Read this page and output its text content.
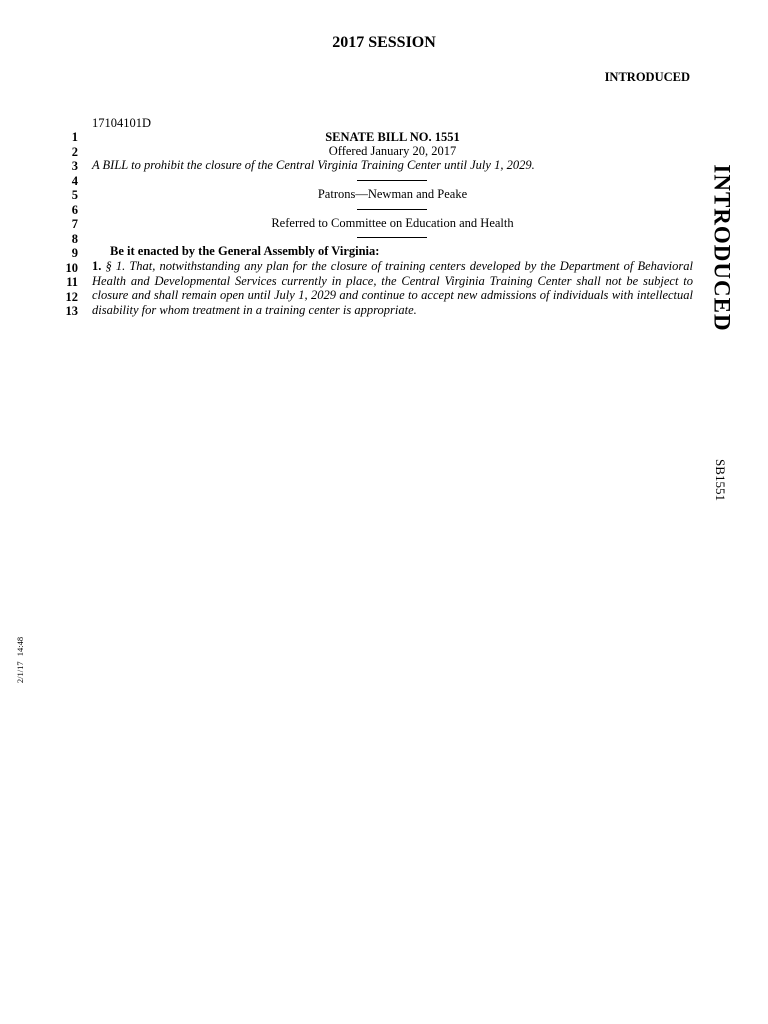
2017 SESSION
INTRODUCED
17104101D
1
2
3
4
5
6
7
8
9
10
11
12
13
SENATE BILL NO. 1551
Offered January 20, 2017
A BILL to prohibit the closure of the Central Virginia Training Center until July 1, 2029.
Patrons—Newman and Peake
Referred to Committee on Education and Health
Be it enacted by the General Assembly of Virginia:
1. § 1. That, notwithstanding any plan for the closure of training centers developed by the Department of Behavioral Health and Developmental Services currently in place, the Central Virginia Training Center shall not be subject to closure and shall remain open until July 1, 2029 and continue to accept new admissions of individuals with intellectual disability for whom treatment in a training center is appropriate.	INTRODUCED
SB1551
2/1/17 14:48
